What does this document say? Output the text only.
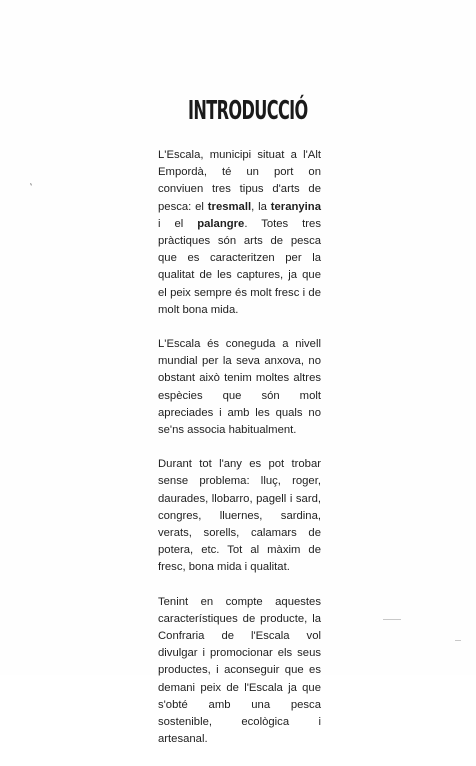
’
INTRODUCCIÓ

L'Escala, municipi situat a l'Alt Empordà, té un port on conviuen tres tipus d'arts de pesca: el tresmall, la teranyina i el palangre. Totes tres pràctiques són arts de pesca que es caracteritzen per la qualitat de les captures, ja que el peix sempre és molt fresc i de molt bona mida.

L'Escala és coneguda a nivell mundial per la seva anxova, no obstant això tenim moltes altres espècies que són molt apreciades i amb les quals no se'ns associa habitualment.

Durant tot l'any es pot trobar sense problema: lluç, roger, daurades, llobarro, pagell i sard, congres, lluernes, sardina, verats, sorells, calamars de potera, etc. Tot al màxim de fresc, bona mida i qualitat.

Tenint en compte aquestes característiques de producte, la Confraria de l'Escala vol divulgar i promocionar els seus productes, i aconseguir que es demani peix de l'Escala ja que s'obté amb una pesca sostenible, ecològica i artesanal.
